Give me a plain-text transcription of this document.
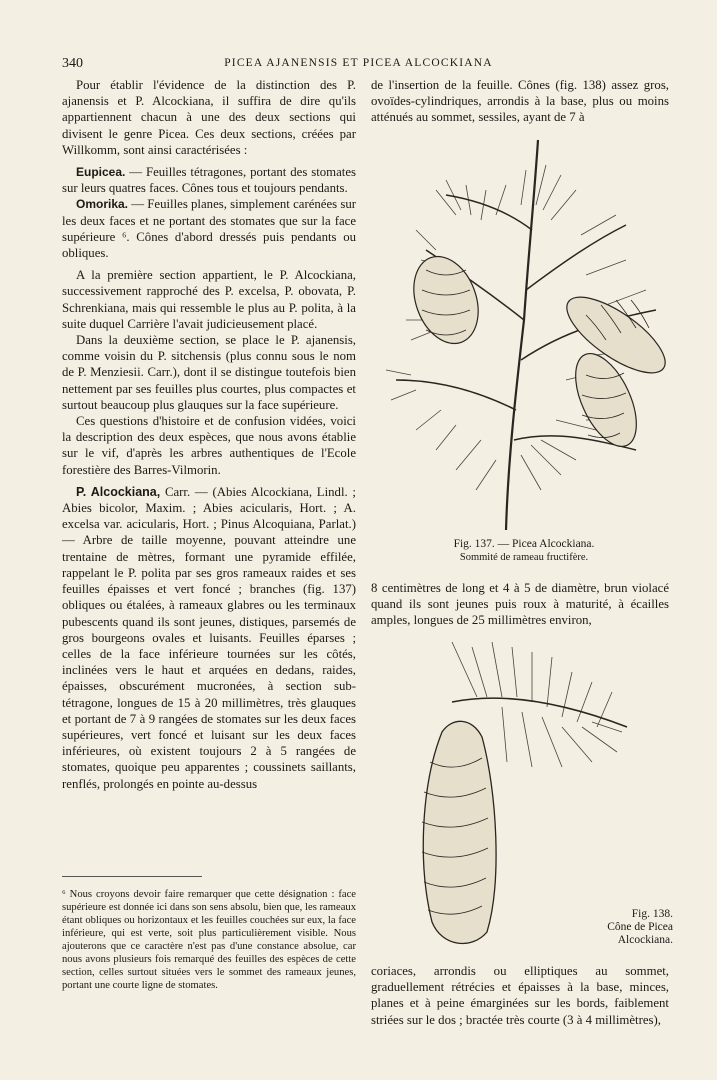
340	PICEA AJANENSIS ET PICEA ALCOCKIANA

Pour établir l'évidence de la distinction des P. ajanensis et P. Alcockiana, il suffira de dire qu'ils appartiennent chacun à une des deux sections qui divisent le genre Picea. Ces deux sections, créées par Willkomm, sont ainsi caractérisées :

Eupicea. — Feuilles tétragones, portant des stomates sur leurs quatres faces. Cônes tous et toujours pendants.

Omorika. — Feuilles planes, simplement carénées sur les deux faces et ne portant des stomates que sur la face supérieure ⁶. Cônes d'abord dressés puis pendants ou obliques.

A la première section appartient, le P. Alcockiana, successivement rapproché des P. excelsa, P. obovata, P. Schrenkiana, mais qui ressemble le plus au P. polita, à la suite duquel Carrière l'avait judicieusement placé.

Dans la deuxième section, se place le P. ajanensis, comme voisin du P. sitchensis (plus connu sous le nom de P. Menziesii. Carr.), dont il se distingue toutefois bien nettement par ses feuilles plus courtes, plus compactes et surtout beaucoup plus glauques sur la face supérieure.

Ces questions d'histoire et de confusion vidées, voici la description des deux espèces, que nous avons établie sur le vif, d'après les arbres authentiques de l'Ecole forestière des Barres-Vilmorin.

P. Alcockiana, Carr. — (Abies Alcockiana, Lindl. ; Abies bicolor, Maxim. ; Abies acicularis, Hort. ; A. excelsa var. acicularis, Hort. ; Pinus Alcoquiana, Parlat.) — Arbre de taille moyenne, pouvant atteindre une trentaine de mètres, formant une pyramide effilée, rappelant le P. polita par ses gros rameaux raides et ses feuilles épaisses et vert foncé ; branches (fig. 137) obliques ou étalées, à rameaux glabres ou les terminaux pubescents quand ils sont jeunes, distiques, parsemés de gros bourgeons ovales et luisants. Feuilles éparses ; celles de la face inférieure tournées sur les côtés, inclinées vers le haut et arquées en dedans, raides, épaisses, obscurément mucronées, à section sub-tétragone, longues de 15 à 20 millimètres, très glauques et portant de 7 à 9 rangées de stomates sur les deux faces supérieures, vert foncé et luisant sur les deux faces inférieures, où existent toujours 2 à 5 rangées de stomates, quoique peu apparentes ; coussinets saillants, renflés, prolongés en pointe au-dessus

⁶ Nous croyons devoir faire remarquer que cette désignation : face supérieure est donnée ici dans son sens absolu, bien que, les rameaux étant obliques ou horizontaux et les feuilles couchées sur eux, la face inférieure, qui est verte, soit plus particulièrement visible. Nous ajouterons que ce caractère n'est pas d'une constance absolue, car nous avons plusieurs fois remarqué des feuilles des espèces de cette section, celles surtout situées vers le sommet des rameaux jeunes, portant une courte ligne de stomates.

de l'insertion de la feuille. Cônes (fig. 138) assez gros, ovoïdes-cylindriques, arrondis à la base, plus ou moins atténués au sommet, sessiles, ayant de 7 à

Fig. 137. — Picea Alcockiana.
Sommité de rameau fructifère.

8 centimètres de long et 4 à 5 de diamètre, brun violacé quand ils sont jeunes puis roux à maturité, à écailles amples, longues de 25 millimètres environ,

Fig. 138.
Cône de Picea
Alcockiana.

coriaces, arrondis ou elliptiques au sommet, graduellement rétrécies et épaisses à la base, minces, planes et à peine émarginées sur les bords, faiblement striées sur le dos ; bractée très courte (3 à 4 millimètres),
